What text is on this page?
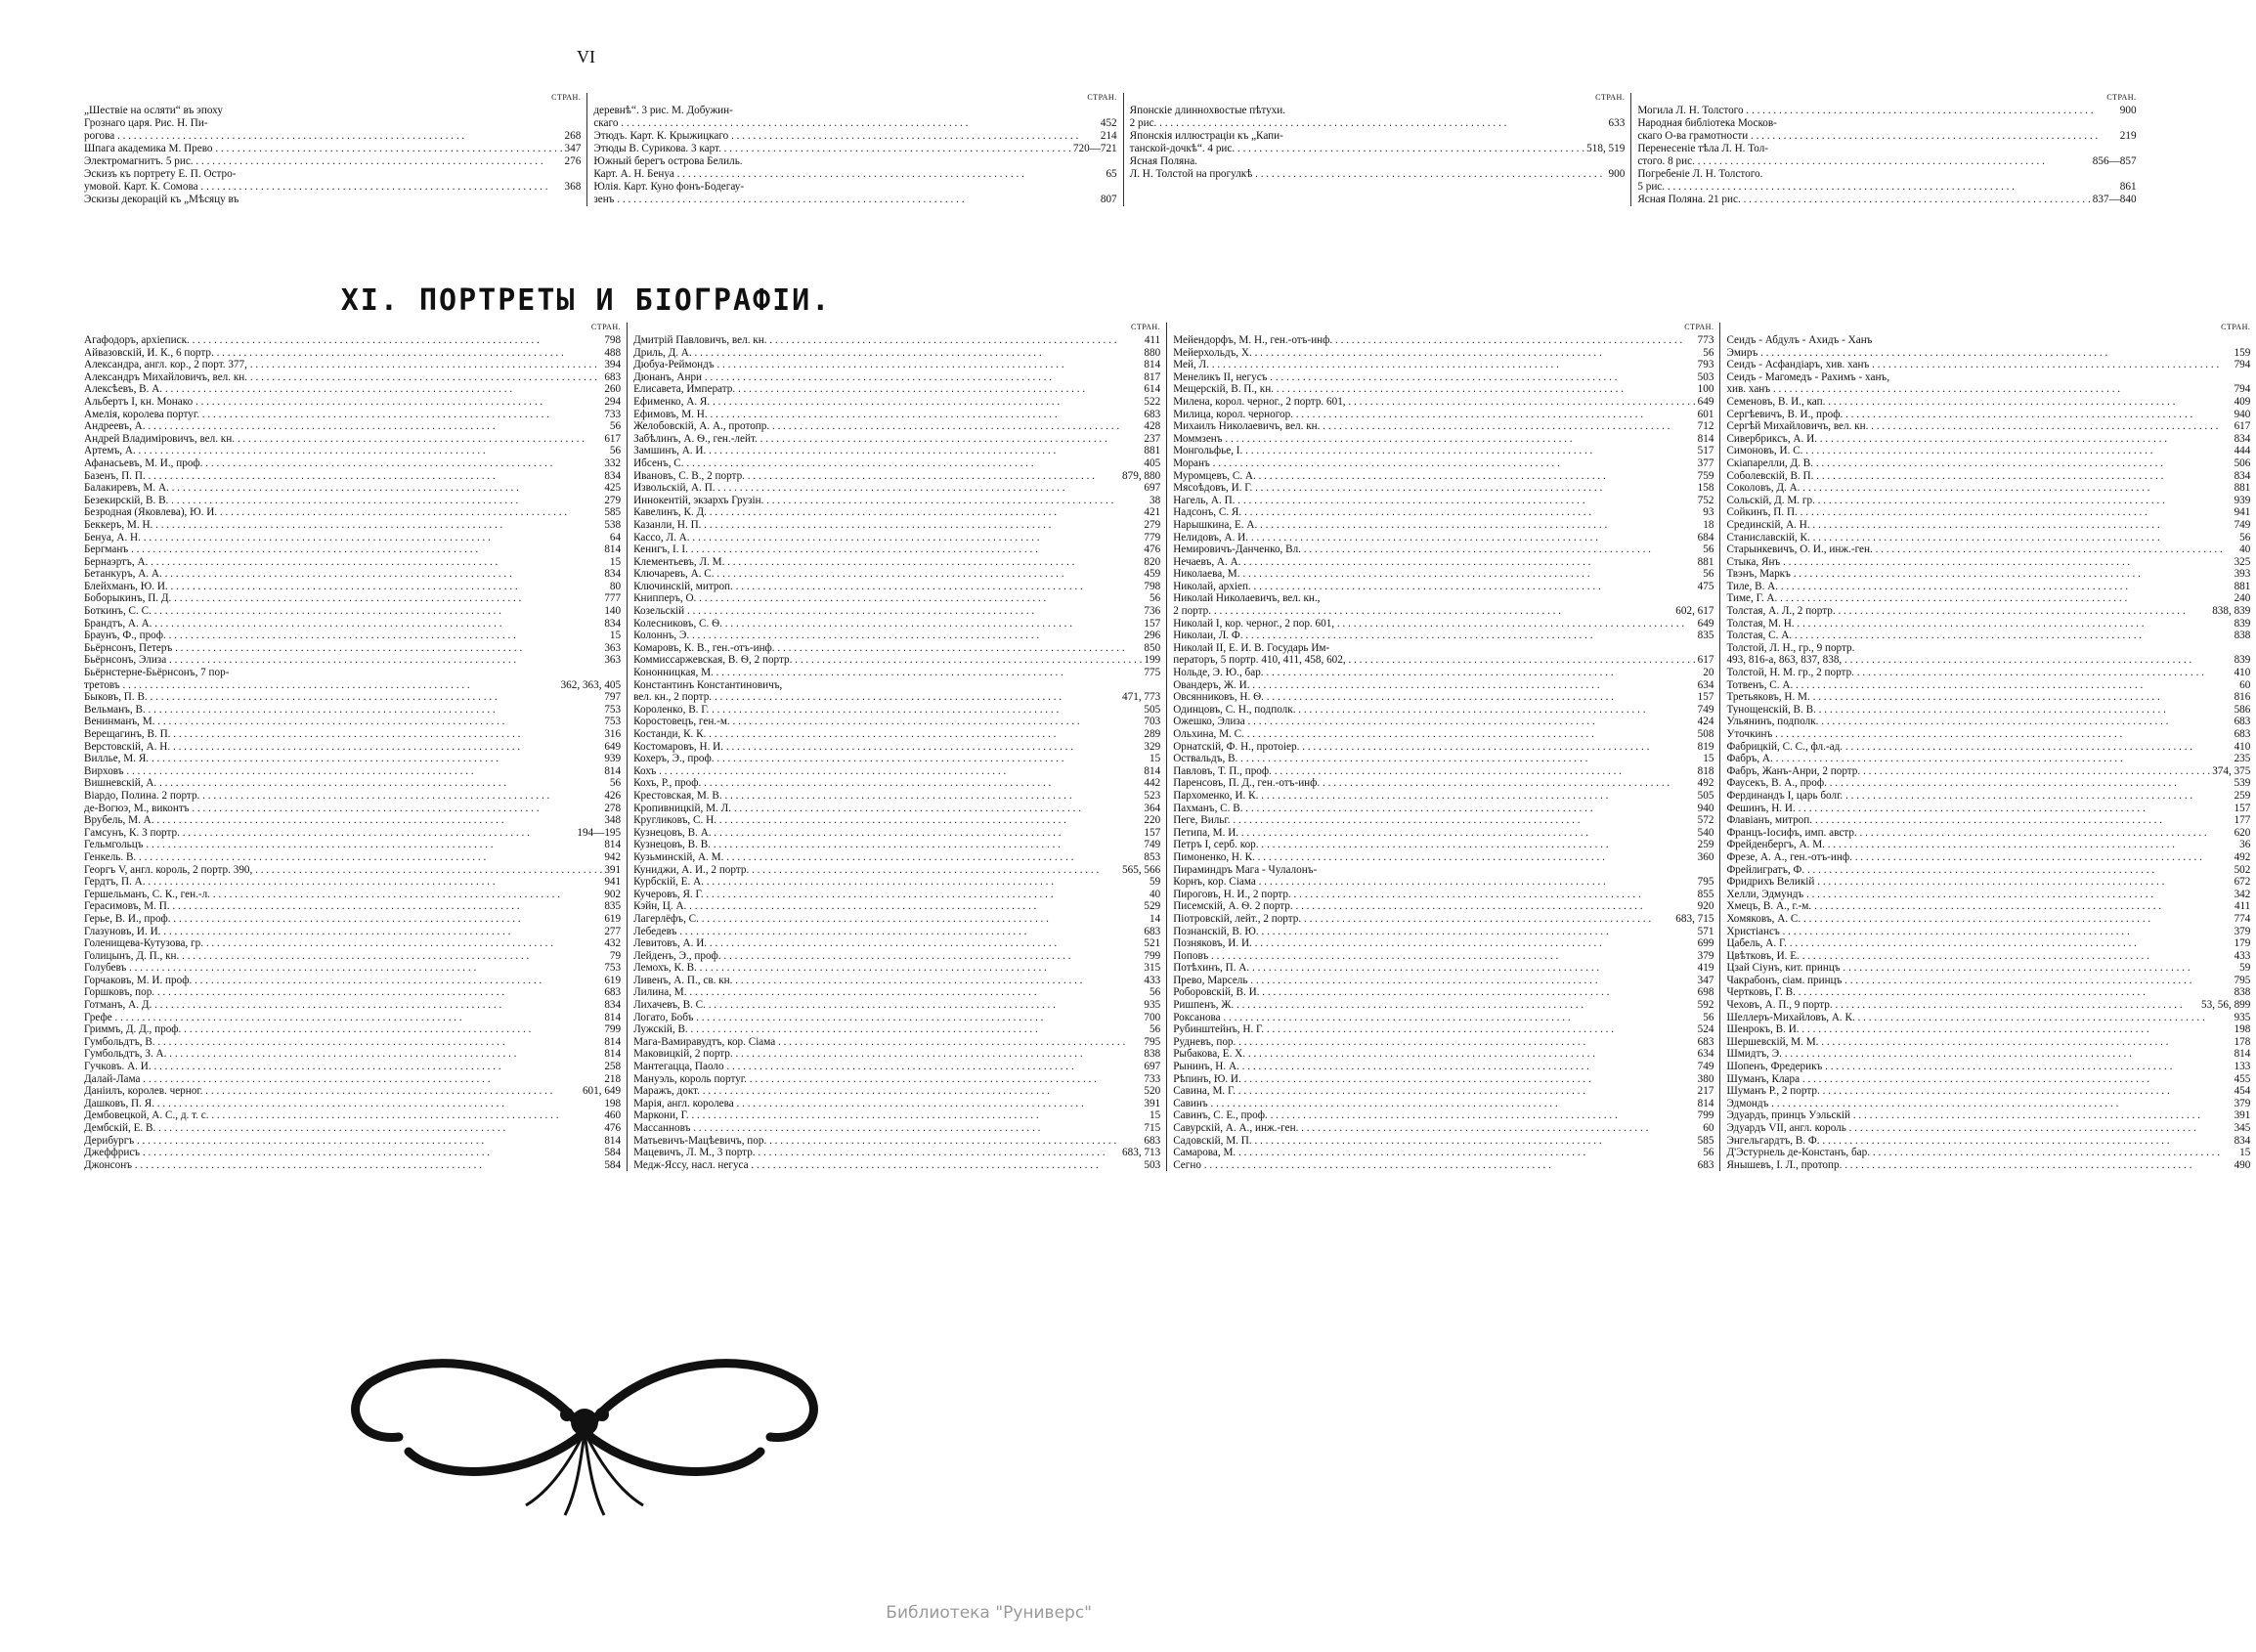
VI
СТРАН.
„Шествіе на осляти“ въ эпоху
Грознаго царя. Рис. Н. Пи-
рогова . . .	268
Шпага академика М. Прево . . .	347
Электромагнитъ. 5 рис. . . .	276
Эскизъ къ портрету Е. П. Остро-
умовой. Карт. К. Сомова . . .	368
Эскизы декорацій къ „Мѣсяцу въ
СТРАН.
деревнѣ“. 3 рис. М. Добужин-
скаго . . .	452
Этюдъ. Карт. К. Крыжицкаго . . .	214
Этюды В. Сурикова. 3 карт. . . .	720—721
Южный берегъ острова Белиль.
Карт. А. Н. Бенуа . . .	65
Юлія. Карт. Куно фонъ-Бодегау-
зенъ . . .	807
СТРАН.
Японскіе длиннохвостые пѣтухи.
2 рис. . . .	633
Японскія иллюстраціи къ „Капи-
танской-дочкѣ“. 4 рис. . . .	518, 519
Ясная Поляна.
Л. Н. Толстой на прогулкѣ . . .	900
СТРАН.
Могила Л. Н. Толстого . . .	900
Народная библіотека Москов-
скаго О-ва грамотности . . .	219
Перенесеніе тѣла Л. Н. Тол-
стого. 8 рис. . . .	856—857
Погребеніе Л. Н. Толстого.
5 рис. . . .	861
Ясная Поляна. 21 рис. . . .	837—840
XI. ПОРТРЕТЫ И БІОГРАФІИ.
СТРАН.
Агафодоръ, архіеписк. . . .	798
Айвазовскій, И. К., 6 портр. . . .	488
Александра, англ. кор., 2 порт. 377, . . .	394
Александръ Михайловичъ, вел. кн. . . .	683
Алексѣевъ, В. А. . . .	260
Альбертъ I, кн. Монако . . .	294
Амелія, королева португ. . . .	733
Андреевъ, А. . . .	56
Андрей Владиміровичъ, вел. кн. . . .	617
Артемъ, А. . . .	56
Афанасьевъ, М. И., проф. . . .	332
Базенъ, П. П. . . .	834
Балакиревъ, М. А. . . .	425
Безекирскій, В. В. . . .	279
Безродная (Яковлева), Ю. И. . . .	585
Беккеръ, М. Н. . . .	538
Бенуа, А. Н. . . .	64
Бергманъ . . .	814
Бернаэртъ, А. . . .	15
Бетанкуръ, А. А. . . .	834
Блейхманъ, Ю. И. . . .	80
Боборыкинъ, П. Д. . . .	777
Боткинъ, С. С. . . .	140
Брандтъ, А. А. . . .	834
Браунъ, Ф., проф. . . .	15
Бьёрнсонъ, Петеръ . . .	363
Бьёрнсонъ, Элиза . . .	363
Бьёрнстерне-Бьёрнсонъ, 7 пор-
третовъ . . .	362, 363, 405
Быковъ, П. В. . . .	797
Вельманъ, В. . . .	753
Венинманъ, М. . . .	753
Верещагинъ, В. П. . . .	316
Верстовскій, А. Н. . . .	649
Виллье, М. Я. . . .	939
Вирховъ . . .	814
Вишневскій, А. . . .	56
Віардо, Полина. 2 портр. . . .	426
де-Вогюэ, М., виконтъ . . .	278
Врубель, М. А. . . .	348
Гамсунъ, К. 3 портр. . . .	194—195
Гельмгольцъ . . .	814
Генкель. В. . . .	942
Георгъ V, англ. король, 2 портр. 390, . . .	391
Гердтъ, П. А. . . .	941
Гершельманъ, С. К., ген.-л. . . .	902
Герасимовъ, М. П. . . .	835
Герье, В. И., проф. . . .	619
Глазуновъ, И. И. . . .	277
Голенищева-Кутузова, гр. . . .	432
Голицынъ, Д. П., кн. . . .	79
Голубевъ . . .	753
Горчаковъ, М. И. проф. . . .	619
Горшковъ, пор. . . .	683
Готманъ, А. Д. . . .	834
Грефе . . .	814
Гриммъ, Д. Д., проф. . . .	799
Гумбольдтъ, В. . . .	814
Гумбольдтъ, З. А. . . .	814
Гучковъ. А. И. . . .	258
Далай-Лама . . .	218
Даніилъ, королев. черног. . . .	601, 649
Дашковъ, П. Я. . . .	198
Дембовецкой, А. С., д. т. с. . . .	460
Дембскій, Е. В. . . .	476
Дерибургъ . . .	814
Джеффрисъ . . .	584
Джонсонъ . . .	584
СТРАН.
Дмитрій Павловичъ, вел. кн. . . .	411
Дриль, Д. А. . . .	880
Дюбуа-Реймондъ . . .	814
Дюнанъ, Анри . . .	817
Елисавета, Императр. . . .	614
Ефименко, А. Я. . . .	522
Ефимовъ, М. Н. . . .	683
Желобовскій, А. А., протопр. . . .	428
Забѣлинъ, А. Ѳ., ген.-лейт. . . .	237
Замшинъ, А. И. . . .	881
Ибсенъ, С. . . .	405
Ивановъ, С. В., 2 портр. . . .	879, 880
Извольскій, А. П. . . .	697
Иннокентій, экзархъ Грузін. . . .	38
Кавелинъ, К. Д. . . .	421
Казанли, Н. П. . . .	279
Кассо, Л. А. . . .	779
Кенигъ, I. I. . . .	476
Клементьевъ, Л. М. . . .	820
Ключаревъ, А. С. . . .	459
Ключинскій, митроп. . . .	798
Книпперъ, О. . . .	56
Козельскій . . .	736
Колесниковъ, С. Ѳ. . . .	157
Колоннъ, Э. . . .	296
Комаровъ, К. В., ген.-отъ-инф. . . .	850
Коммиссаржевская, В. Ѳ, 2 портр. . . .	199
Кононницкая, М. . . .	775
Константинъ Константиновичъ,
вел. кн., 2 портр. . . .	471, 773
Короленко, В. Г. . . .	505
Коростовецъ, ген.-м. . . .	703
Костанди, К. К. . . .	289
Костомаровъ, Н. И. . . .	329
Кохеръ, Э., проф. . . .	15
Кохъ . . .	814
Кохъ, Р., проф. . . .	442
Крестовская, М. В. . . .	523
Кропивницкій, М. Л. . . .	364
Кругликовъ, С. Н. . . .	220
Кузнецовъ, В. А. . . .	157
Кузнецовъ, В. В. . . .	749
Кузьминскій, А. М. . . .	853
Куниджи, А. И., 2 портр. . . .	565, 566
Курбскій, Е. А. . . .	59
Кучеровъ, Я. Г. . . .	40
Кэйн, Ц. А. . . .	529
Лагерлёфъ, С. . . .	14
Лебедевъ . . .	683
Левитовъ, А. И. . . .	521
Лейденъ, Э., проф. . . .	799
Лемохъ, К. В. . . .	315
Ливенъ, А. П., св. кн. . . .	433
Лилина, М. . . .	56
Лихачевъ, В. С. . . .	935
Логато, Бобъ . . .	700
Лужскій, В. . . .	56
Мага-Вамиравудтъ, кор. Сіама . . .	795
Маковицкій, 2 портр. . . .	838
Мантегацца, Паоло . . .	697
Мануэль, король португ. . . .	733
Маражъ, докт. . . .	520
Марія, англ. королева . . .	391
Маркони, Г. . . .	15
Массанновъ . . .	715
Матьевичъ-Мацѣевичъ, пор. . . .	683
Мацевичъ, Л. М., 3 портр. . . .	683, 713
Медж-Ясcу, насл. негуса . . .	503
СТРАН.
Мейендорфъ, М. Н., ген.-отъ-инф. . . .	773
Мейерхольдъ, Х. . . .	56
Мей, Л. . . .	793
Менеликъ II, негусъ . . .	503
Мещерскій, В. П., кн. . . .	100
Милена, корол. черног., 2 портр. 601, . . .	649
Милица, корол. черногор. . . .	601
Михаилъ Николаевичъ, вел. кн. . . .	712
Моммзенъ . . .	814
Монгольфье, I. . . .	517
Моранъ . . .	377
Муромцевъ, С. А. . . .	759
Мясоѣдовъ, И. Г. . . .	158
Нагель, А. П. . . .	752
Надсонъ, С. Я. . . .	93
Нарышкина, Е. А. . . .	18
Нелидовъ, А. И. . . .	684
Немировичъ-Данченко, Вл. . . .	56
Нечаевъ, А. А. . . .	881
Николаева, М. . . .	56
Николай, архіеп. . . .	475
Николай Николаевичъ, вел. кн.,
2 портр. . . .	602, 617
Николай I, кор. черног., 2 пор. 601, . . .	649
Николаи, Л. Ф. . . .	835
Николай II, Е. И. В. Государь Им-
ператоръ, 5 портр. 410, 411, 458, 602, . . .	617
Нольде, Э. Ю., бар. . . .	20
Овандеръ, Ж. И. . . .	634
Овсянниковъ, Н. Ѳ. . . .	157
Одинцовъ, С. Н., подполк. . . .	749
Ожешко, Элиза . . .	424
Ольхина, М. С. . . .	508
Орнатскій, Ф. Н., протоіер. . . .	819
Оствальдъ, В. . . .	15
Павловъ, Т. П., проф. . . .	818
Паренсовъ, П. Д., ген.-отъ-инф. . . .	492
Пархоменко, И. К. . . .	505
Пахманъ, С. В. . . .	940
Пеге, Вильг. . . .	572
Петипа, М. И. . . .	540
Петръ I, серб. кор. . . .	259
Пимоненко, Н. К. . . .	360
Пираминдръ Мага - Чулалонъ-
Корнъ, кор. Сіама . . .	795
Пироговъ, Н. И., 2 портр. . . .	855
Писемскій, А. Ѳ. 2 портр. . . .	920
Піотровскій, лейт., 2 портр. . . .	683, 715
Познанскій, В. Ю. . . .	571
Позняковъ, И. И. . . .	699
Поповъ . . .	379
Потѣхинъ, П. А. . . .	419
Прево, Марсель . . .	347
Роборовскій, В. И. . . .	698
Ришпенъ, Ж. . . .	592
Роксанова . . .	56
Рубинштейнъ, Н. Г. . . .	524
Рудневъ, пор. . . .	683
Рыбакова, Е. Х. . . .	634
Рынинъ, Н. А. . . .	749
Рѣпинъ, Ю. И. . . .	380
Савина, М. Г. . . .	217
Савинъ . . .	814
Савинъ, С. Е., проф. . . .	799
Савурскій, А. А., инж.-ген. . . .	60
Садовскій, М. П. . . .	585
Самарова, М. . . .	56
Сегно . . .	683
СТРАН.
Сеидъ - Абдулъ - Ахидъ - Ханъ
Эмиръ . . .	159
Сеидъ - Асфандіаръ, хив. ханъ . . .	794
Сеидъ - Магомедъ - Рахимъ - ханъ,
хив. ханъ . . .	794
Семеновъ, В. И., кап. . . .	409
Сергѣевичъ, В. И., проф. . . .	940
Сергѣй Михайловичъ, вел. кн. . . .	617
Сивербриксъ, А. И. . . .	834
Симоновъ, И. С. . . .	444
Скіапарелли, Д. В. . . .	506
Соболевскій, В. П. . . .	834
Соколовъ, Д. А. . . .	881
Сольскій, Д. М. гр. . . .	939
Сойкинъ, П. П. . . .	941
Срединскій, А. Н. . . .	749
Станиславскій, К. . . .	56
Старынкевичъ, О. И., инж.-ген. . . .	40
Стыка, Янъ . . .	325
Твэнъ, Маркъ . . .	393
Тиле, В. А. . . .	881
Тиме, Г. А. . . .	240
Толстая, А. Л., 2 портр. . . .	838, 839
Толстая, М. Н. . . .	839
Толстая, С. А. . . .	838
Толстой, Л. Н., гр., 9 портр.
493, 816-а, 863, 837, 838, . . .	839
Толстой, Н. М. гр., 2 портр. . . .	410
Тотвенъ, С. А. . . .	60
Третьяковъ, Н. М. . . .	816
Тунощенскій, В. В. . . .	586
Ульянинъ, подполк. . . .	683
Уточкинъ . . .	683
Фабрицкій, С. С., фл.-ад. . . .	410
Фабръ, А. . . .	235
Фабръ, Жанъ-Анри, 2 портр. . . .	374, 375
Фаусекъ, В. А., проф. . . .	539
Фердинандъ I, царь болг. . . .	259
Фешинъ, Н. И. . . .	157
Флавіанъ, митроп. . . .	177
Францъ-Іосифъ, имп. австр. . . .	620
Фрейденбергъ, А. М. . . .	36
Фрезе, А. А., ген.-отъ-инф. . . .	492
Фрейлигратъ, Ф. . . .	502
Фридрихъ Великій . . .	672
Хелли, Эдмундъ . . .	342
Хмецъ, В. А., г.-м. . . .	411
Хомяковъ, А. С. . . .	774
Христіансъ . . .	379
Цабель, А. Г. . . .	179
Цвѣтковъ, И. Е. . . .	433
Цзай Сіунъ, кит. принцъ . . .	59
Чакрабонъ, сіам. принцъ . . .	795
Чертковъ, Г. В. . . .	838
Чеховъ, А. П., 9 портр. . . .	53, 56, 899
Шеллеръ-Михайловъ, А. К. . . .	935
Шенрокъ, В. И. . . .	198
Шершевскій, М. М. . . .	178
Шмидтъ, Э. . . .	814
Шопенъ, Фредерикъ . . .	133
Шуманъ, Клара . . .	455
Шуманъ Р., 2 портр. . . .	454
Эдмондъ . . .	379
Эдуардъ, принцъ Уэльскій . . .	391
Эдуардъ VII, англ. король . . .	345
Энгельгардтъ, В. Ф. . . .	834
Д'Эстурнель де-Констанъ, бар. . . .	15
Янышевъ, І. Л., протопр. . . .	490
Библиотека "Руниверс"
